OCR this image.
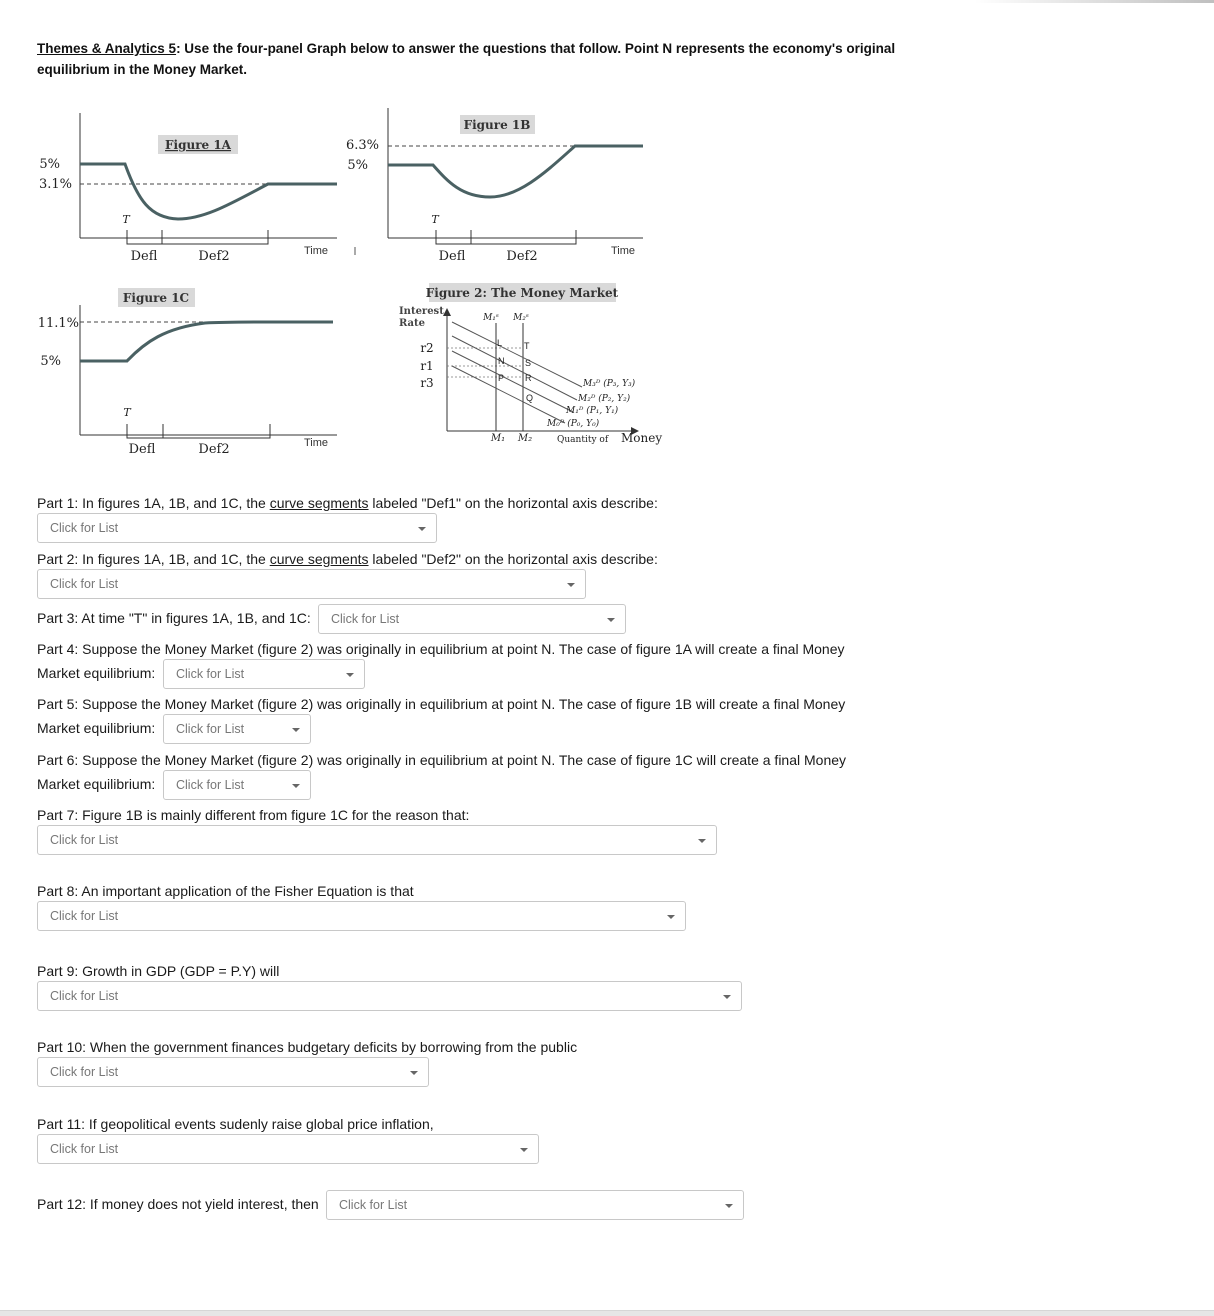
Themes & Analytics 5: Use the four-panel Graph below to answer the questions that follow. Point N represents the economy's original equilibrium in the Money Market.
Figure 1A
5%
3.1%
T
Defl	Def2	Time
Figure 1B
6.3%
5%
T
Defl	Def2	Time
Figure 1C
11.1%
5%
T
Defl	Def2	Time
Figure 2: The Money Market
Interest
Rate
r2
r1
r3
M₁ˢ M₂ˢ
L T
N S
P R
Q
M₃ᴰ (P₃, Y₃)
M₂ᴰ (P₂, Y₂)
M₁ᴰ (P₁, Y₁)
M₀ᴰ (P₀, Y₀)
M₁ M₂	Quantity of Money
Part 1: In figures 1A, 1B, and 1C, the curve segments labeled "Def1" on the horizontal axis describe:
Click for List
Part 2: In figures 1A, 1B, and 1C, the curve segments labeled "Def2" on the horizontal axis describe:
Click for List
Part 3: At time "T" in figures 1A, 1B, and 1C:	Click for List
Part 4: Suppose the Money Market (figure 2) was originally in equilibrium at point N. The case of figure 1A will create a final Money
Market equilibrium:	Click for List
Part 5: Suppose the Money Market (figure 2) was originally in equilibrium at point N. The case of figure 1B will create a final Money
Market equilibrium:	Click for List
Part 6: Suppose the Money Market (figure 2) was originally in equilibrium at point N. The case of figure 1C will create a final Money
Market equilibrium:	Click for List
Part 7: Figure 1B is mainly different from figure 1C for the reason that:
Click for List
Part 8: An important application of the Fisher Equation is that
Click for List
Part 9: Growth in GDP (GDP = P.Y) will
Click for List
Part 10: When the government finances budgetary deficits by borrowing from the public
Click for List
Part 11: If geopolitical events sudenly raise global price inflation,
Click for List
Part 12: If money does not yield interest, then	Click for List
